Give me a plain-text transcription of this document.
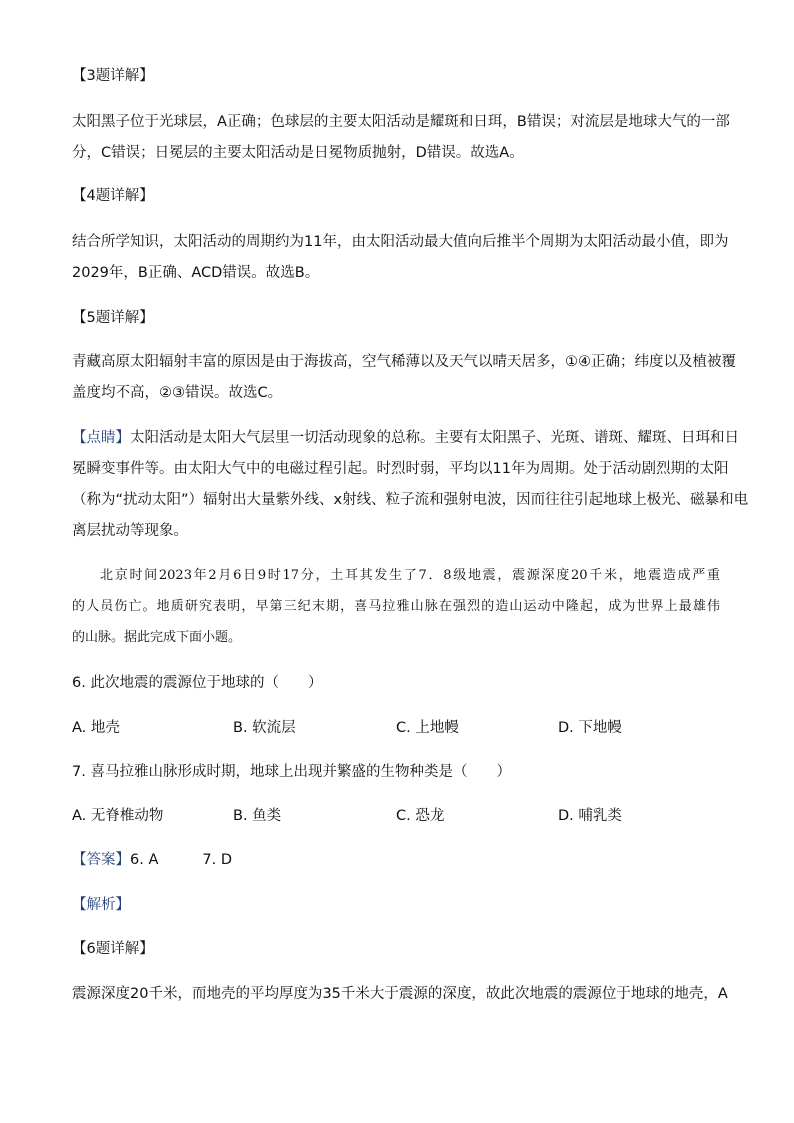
【3题详解】
太阳黑子位于光球层，A正确；色球层的主要太阳活动是耀斑和日珥，B错误；对流层是地球大气的一部
分，C错误；日冕层的主要太阳活动是日冕物质抛射，D错误。故选A。
【4题详解】
结合所学知识，太阳活动的周期约为11年，由太阳活动最大值向后推半个周期为太阳活动最小值，即为
2029年，B正确、ACD错误。故选B。
【5题详解】
青藏高原太阳辐射丰富的原因是由于海拔高，空气稀薄以及天气以晴天居多，①④正确；纬度以及植被覆
盖度均不高，②③错误。故选C。
【点睛】太阳活动是太阳大气层里一切活动现象的总称。主要有太阳黑子、光斑、谱斑、耀斑、日珥和日
冕瞬变事件等。由太阳大气中的电磁过程引起。时烈时弱，平均以11年为周期。处于活动剧烈期的太阳
（称为“扰动太阳”）辐射出大量紫外线、x射线、粒子流和强射电波，因而往往引起地球上极光、磁暴和电
离层扰动等现象。
北京时间2023年2月6日9时17分，土耳其发生了7．8级地震，震源深度20千米，地震造成严重
的人员伤亡。地质研究表明，早第三纪末期，喜马拉雅山脉在强烈的造山运动中隆起，成为世界上最雄伟
的山脉。据此完成下面小题。
6. 此次地震的震源位于地球的（　　）
A. 地壳	B. 软流层	C. 上地幔	D. 下地幔
7. 喜马拉雅山脉形成时期，地球上出现并繁盛的生物种类是（　　）
A. 无脊椎动物	B. 鱼类	C. 恐龙	D. 哺乳类
【答案】6. A	7. D
【解析】
【6题详解】
震源深度20千米，而地壳的平均厚度为35千米大于震源的深度，故此次地震的震源位于地球的地壳，A
